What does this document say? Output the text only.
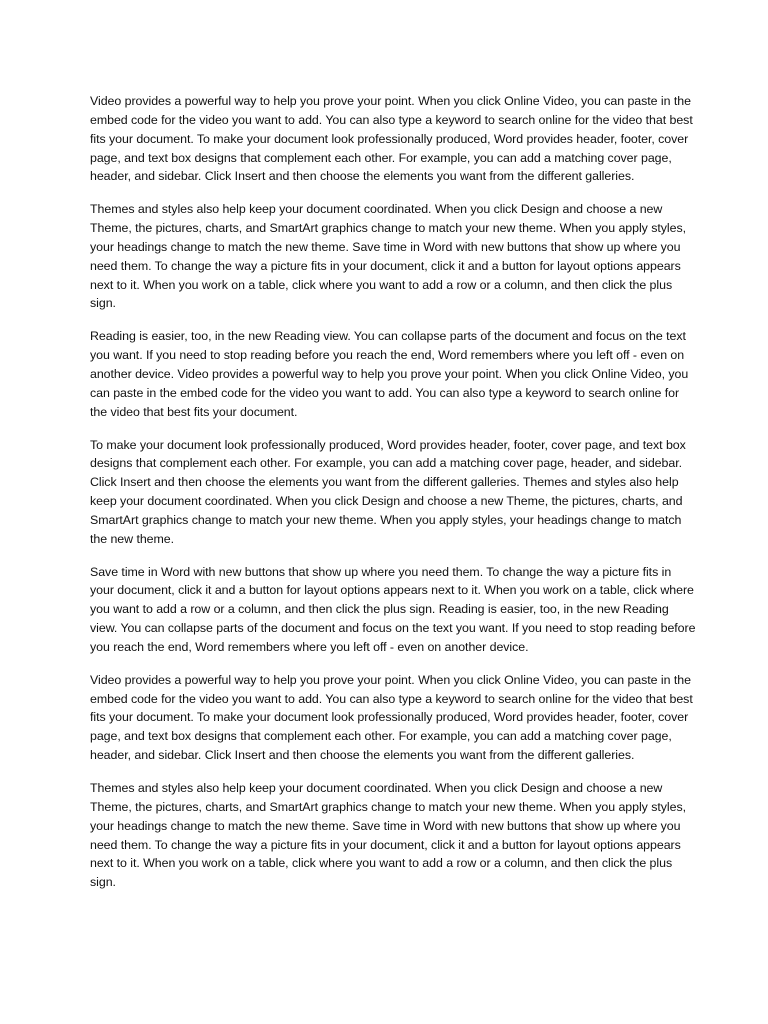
Video provides a powerful way to help you prove your point. When you click Online Video, you can paste in the embed code for the video you want to add. You can also type a keyword to search online for the video that best fits your document. To make your document look professionally produced, Word provides header, footer, cover page, and text box designs that complement each other. For example, you can add a matching cover page, header, and sidebar. Click Insert and then choose the elements you want from the different galleries.

Themes and styles also help keep your document coordinated. When you click Design and choose a new Theme, the pictures, charts, and SmartArt graphics change to match your new theme. When you apply styles, your headings change to match the new theme. Save time in Word with new buttons that show up where you need them. To change the way a picture fits in your document, click it and a button for layout options appears next to it. When you work on a table, click where you want to add a row or a column, and then click the plus sign.

Reading is easier, too, in the new Reading view. You can collapse parts of the document and focus on the text you want. If you need to stop reading before you reach the end, Word remembers where you left off - even on another device. Video provides a powerful way to help you prove your point. When you click Online Video, you can paste in the embed code for the video you want to add. You can also type a keyword to search online for the video that best fits your document.

To make your document look professionally produced, Word provides header, footer, cover page, and text box designs that complement each other. For example, you can add a matching cover page, header, and sidebar. Click Insert and then choose the elements you want from the different galleries. Themes and styles also help keep your document coordinated. When you click Design and choose a new Theme, the pictures, charts, and SmartArt graphics change to match your new theme. When you apply styles, your headings change to match the new theme.

Save time in Word with new buttons that show up where you need them. To change the way a picture fits in your document, click it and a button for layout options appears next to it. When you work on a table, click where you want to add a row or a column, and then click the plus sign. Reading is easier, too, in the new Reading view. You can collapse parts of the document and focus on the text you want. If you need to stop reading before you reach the end, Word remembers where you left off - even on another device.

Video provides a powerful way to help you prove your point. When you click Online Video, you can paste in the embed code for the video you want to add. You can also type a keyword to search online for the video that best fits your document. To make your document look professionally produced, Word provides header, footer, cover page, and text box designs that complement each other. For example, you can add a matching cover page, header, and sidebar. Click Insert and then choose the elements you want from the different galleries.

Themes and styles also help keep your document coordinated. When you click Design and choose a new Theme, the pictures, charts, and SmartArt graphics change to match your new theme. When you apply styles, your headings change to match the new theme. Save time in Word with new buttons that show up where you need them. To change the way a picture fits in your document, click it and a button for layout options appears next to it. When you work on a table, click where you want to add a row or a column, and then click the plus sign.
